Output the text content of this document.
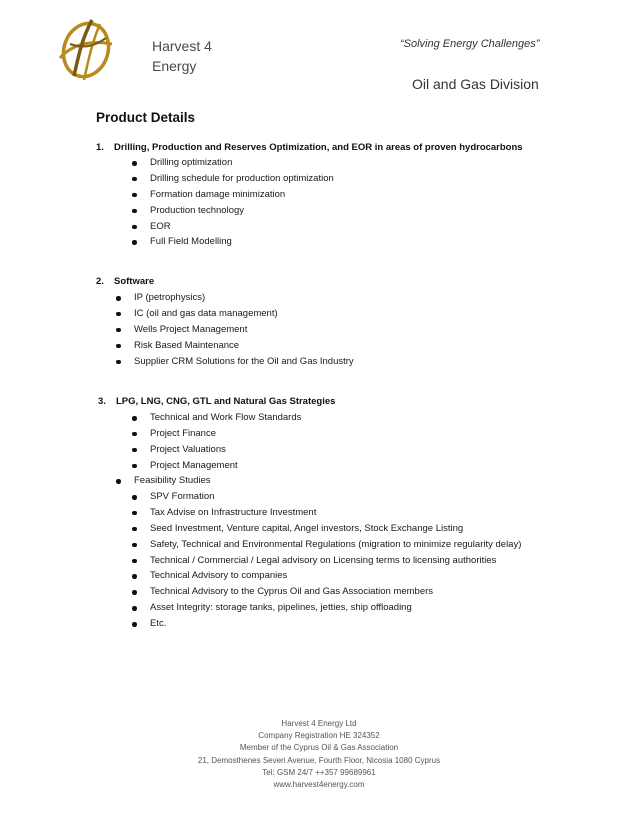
Harvest 4
Energy
“Solving Energy Challenges”
Oil and Gas Division
Product Details
1. Drilling, Production and Reserves Optimization, and EOR in areas of proven hydrocarbons
Drilling optimization
Drilling schedule for production optimization
Formation damage minimization
Production technology
EOR
Full Field Modelling
2. Software
IP (petrophysics)
IC (oil and gas data management)
Wells Project Management
Risk Based Maintenance
Supplier CRM Solutions for the Oil and Gas Industry
3. LPG, LNG, CNG, GTL and Natural Gas Strategies
Technical and Work Flow Standards
Project Finance
Project Valuations
Project Management
Feasibility Studies
SPV Formation
Tax Advise on Infrastructure Investment
Seed Investment, Venture capital, Angel investors, Stock Exchange Listing
Safety, Technical and Environmental Regulations (migration to minimize regularity delay)
Technical / Commercial / Legal advisory on Licensing terms to licensing authorities
Technical Advisory to companies
Technical Advisory to the Cyprus Oil and Gas Association members
Asset Integrity: storage tanks, pipelines, jetties, ship offloading
Etc.
Harvest 4 Energy Ltd
Company Registration HE 324352
Member of the Cyprus Oil & Gas Association
21, Demosthenes Severi Avenue, Fourth Floor, Nicosia 1080 Cyprus
Tel: GSM 24/7 ++357 99689961
www.harvest4energy.com
